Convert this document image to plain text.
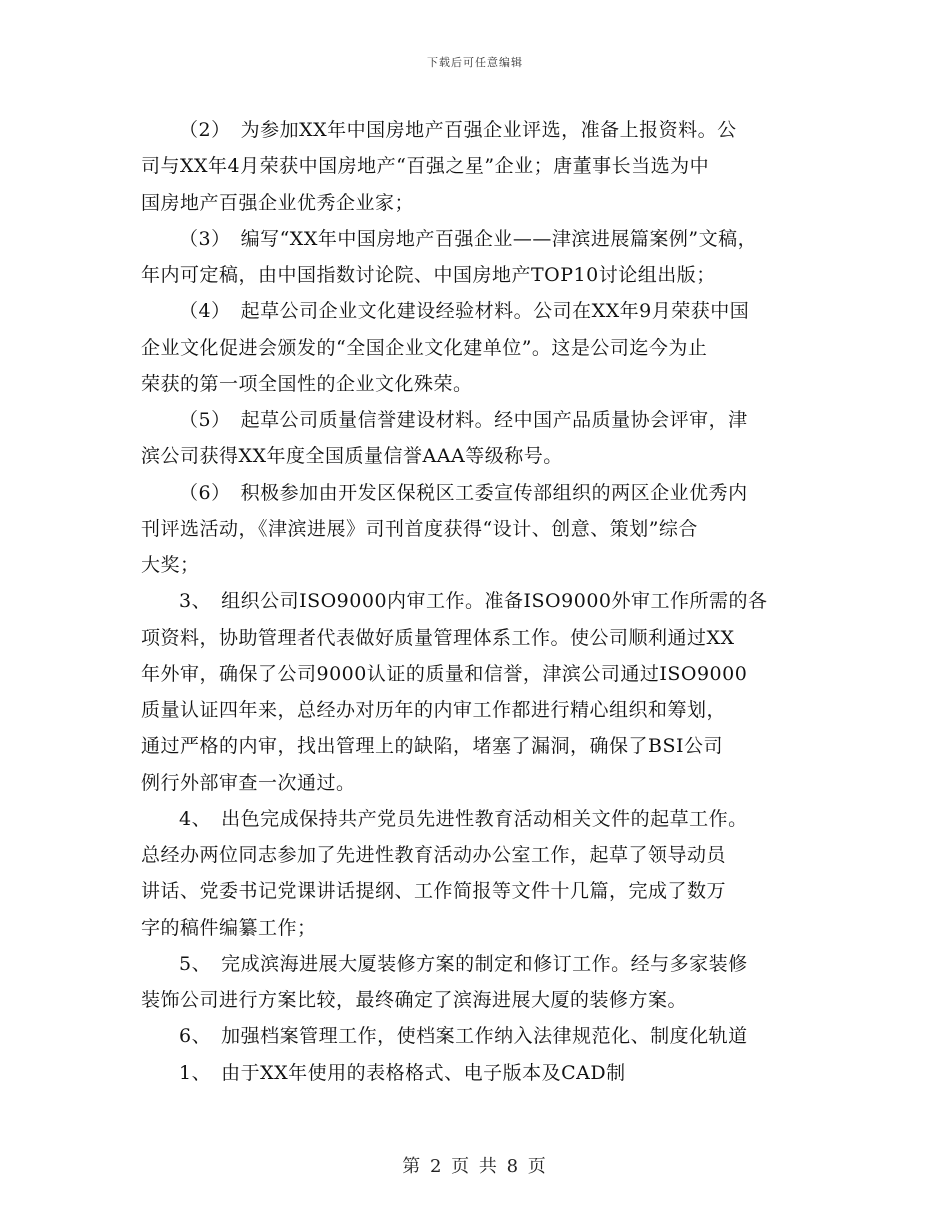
下载后可任意编辑
（2）　为参加XX年中国房地产百强企业评选，准备上报资料。公
司与XX年4月荣获中国房地产“百强之星”企业；唐董事长当选为中
国房地产百强企业优秀企业家；
（3）　编写“XX年中国房地产百强企业——津滨进展篇案例”文稿，
年内可定稿，由中国指数讨论院、中国房地产TOP10讨论组出版；
（4）　起草公司企业文化建设经验材料。公司在XX年9月荣获中国
企业文化促进会颁发的“全国企业文化建单位”。这是公司迄今为止
荣获的第一项全国性的企业文化殊荣。
（5）　起草公司质量信誉建设材料。经中国产品质量协会评审，津
滨公司获得XX年度全国质量信誉AAA等级称号。
（6）　积极参加由开发区保税区工委宣传部组织的两区企业优秀内
刊评选活动，《津滨进展》司刊首度获得“设计、创意、策划”综合
大奖；
3、　组织公司ISO9000内审工作。准备ISO9000外审工作所需的各
项资料，协助管理者代表做好质量管理体系工作。使公司顺利通过XX
年外审，确保了公司9000认证的质量和信誉，津滨公司通过ISO9000
质量认证四年来，总经办对历年的内审工作都进行精心组织和筹划，
通过严格的内审，找出管理上的缺陷，堵塞了漏洞，确保了BSI公司
例行外部审查一次通过。
4、　出色完成保持共产党员先进性教育活动相关文件的起草工作。
总经办两位同志参加了先进性教育活动办公室工作，起草了领导动员
讲话、党委书记党课讲话提纲、工作简报等文件十几篇，完成了数万
字的稿件编纂工作；
5、　完成滨海进展大厦装修方案的制定和修订工作。经与多家装修
装饰公司进行方案比较，最终确定了滨海进展大厦的装修方案。
6、　加强档案管理工作，使档案工作纳入法律规范化、制度化轨道
1、　由于XX年使用的表格格式、电子版本及CAD制
第 2 页 共 8 页
